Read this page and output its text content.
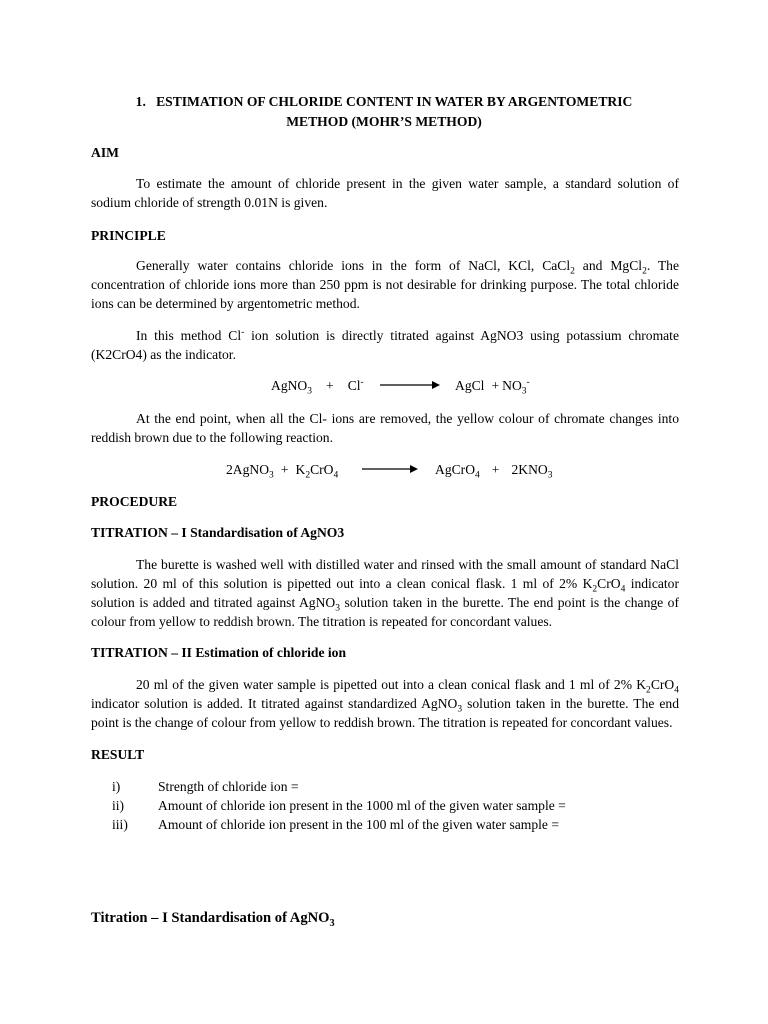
1.   ESTIMATION OF CHLORIDE CONTENT IN WATER BY ARGENTOMETRIC
METHOD (MOHR’S METHOD)
AIM

To estimate the amount of chloride present in the given water sample, a standard solution of sodium chloride of strength 0.01N is given.

PRINCIPLE

Generally water contains chloride ions in the form of NaCl, KCl, CaCl$_2$ and MgCl$_2$. The concentration of chloride ions more than 250 ppm is not desirable for drinking purpose. The total chloride ions can be determined by argentometric method.

In this method Cl- ion solution is directly titrated against AgNO3 using potassium chromate (K2CrO4) as the indicator.

AgNO$_3$ + Cl-	AgCl + $NO_3^-$

At the end point, when all the Cl- ions are removed, the yellow colour of chromate changes into reddish brown due to the following reaction.

2AgNO$_3$ + $K_2CrO_4$	AgCrO$_4$ + $2KNO_3$
PROCEDURE
TITRATION – I Standardisation of AgNO3

The burette is washed well with distilled water and rinsed with the small amount of standard NaCl solution. 20 ml of this solution is pipetted out into a clean conical flask. 1 ml of 2% $K_2CrO_4$ indicator solution is added and titrated against AgNO$_3$ solution taken in the burette. The end point is the change of colour from yellow to reddish brown. The titration is repeated for concordant values.

TITRATION – II Estimation of chloride ion

20 ml of the given water sample is pipetted out into a clean conical flask and 1 ml of 2% $K_2CrO_4$ indicator solution is added. It titrated against standardized AgNO$_3$ solution taken in the burette. The end point is the change of colour from yellow to reddish brown. The titration is repeated for concordant values.

RESULT
i)	Strength of chloride ion =
ii) Amount of chloride ion present in the 1000 ml of the given water sample =
iii) Amount of chloride ion present in the 100 ml of the given water sample =
Titration – I Standardisation of AgNO$_3$
